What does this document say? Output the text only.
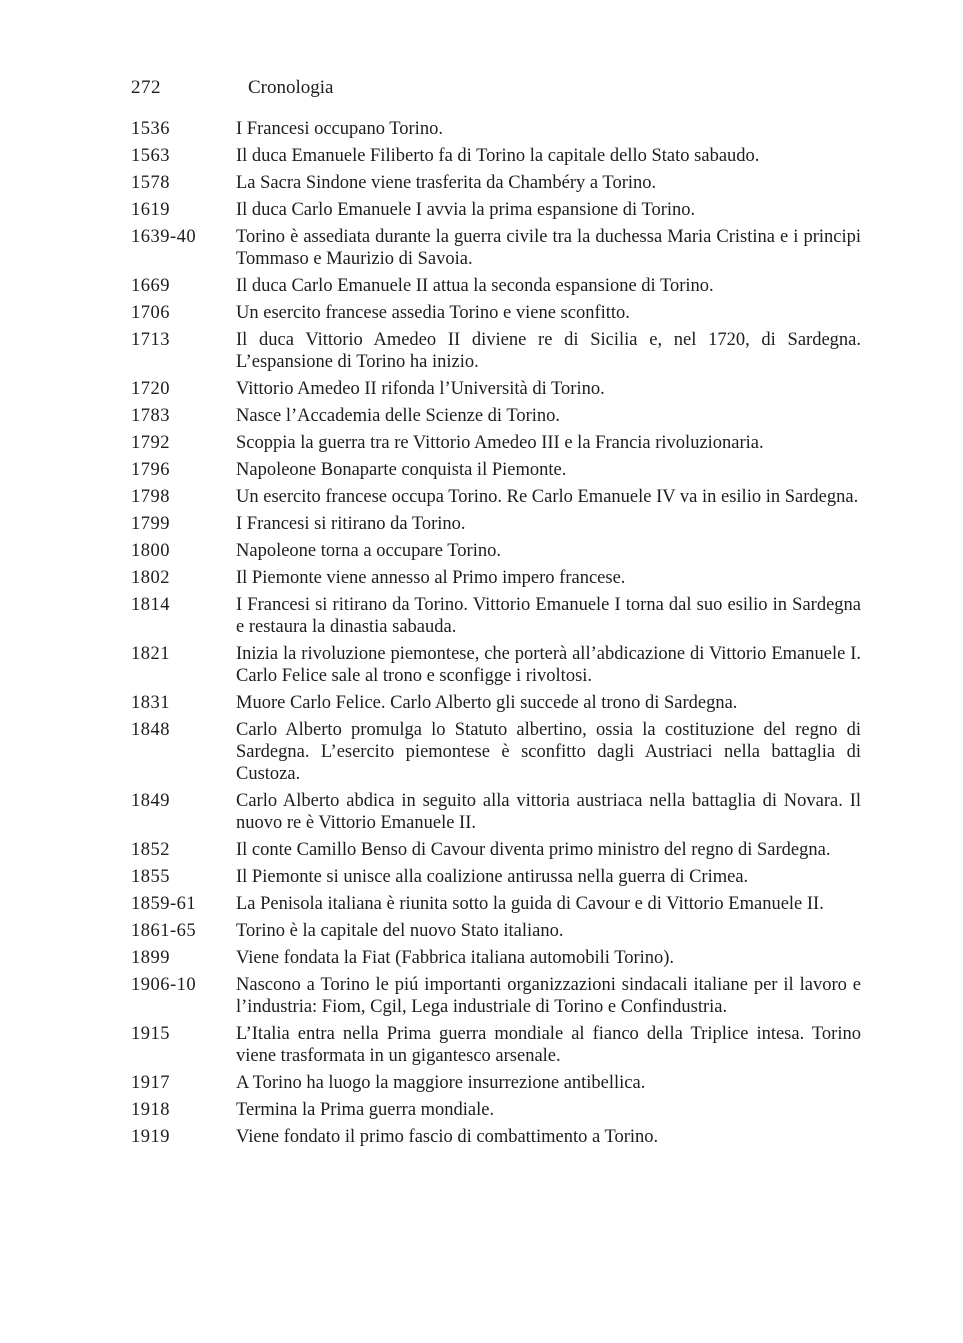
272	Cronologia
1536	I Francesi occupano Torino.
1563	Il duca Emanuele Filiberto fa di Torino la capitale dello Stato sabaudo.
1578	La Sacra Sindone viene trasferita da Chambéry a Torino.
1619	Il duca Carlo Emanuele I avvia la prima espansione di Torino.
1639-40	Torino è assediata durante la guerra civile tra la duchessa Maria Cristina e i principi Tommaso e Maurizio di Savoia.
1669	Il duca Carlo Emanuele II attua la seconda espansione di Torino.
1706	Un esercito francese assedia Torino e viene sconfitto.
1713	Il duca Vittorio Amedeo II diviene re di Sicilia e, nel 1720, di Sardegna. L’espansione di Torino ha inizio.
1720	Vittorio Amedeo II rifonda l’Università di Torino.
1783	Nasce l’Accademia delle Scienze di Torino.
1792	Scoppia la guerra tra re Vittorio Amedeo III e la Francia rivoluzionaria.
1796	Napoleone Bonaparte conquista il Piemonte.
1798	Un esercito francese occupa Torino. Re Carlo Emanuele IV va in esilio in Sardegna.
1799	I Francesi si ritirano da Torino.
1800	Napoleone torna a occupare Torino.
1802	Il Piemonte viene annesso al Primo impero francese.
1814	I Francesi si ritirano da Torino. Vittorio Emanuele I torna dal suo esilio in Sardegna e restaura la dinastia sabauda.
1821	Inizia la rivoluzione piemontese, che porterà all’abdicazione di Vittorio Emanuele I. Carlo Felice sale al trono e sconfigge i rivoltosi.
1831	Muore Carlo Felice. Carlo Alberto gli succede al trono di Sardegna.
1848	Carlo Alberto promulga lo Statuto albertino, ossia la costituzione del regno di Sardegna. L’esercito piemontese è sconfitto dagli Austriaci nella battaglia di Custoza.
1849	Carlo Alberto abdica in seguito alla vittoria austriaca nella battaglia di Novara. Il nuovo re è Vittorio Emanuele II.
1852	Il conte Camillo Benso di Cavour diventa primo ministro del regno di Sardegna.
1855	Il Piemonte si unisce alla coalizione antirussa nella guerra di Crimea.
1859-61	La Penisola italiana è riunita sotto la guida di Cavour e di Vittorio Emanuele II.
1861-65	Torino è la capitale del nuovo Stato italiano.
1899	Viene fondata la Fiat (Fabbrica italiana automobili Torino).
1906-10	Nascono a Torino le piú importanti organizzazioni sindacali italiane per il lavoro e l’industria: Fiom, Cgil, Lega industriale di Torino e Confindustria.
1915	L’Italia entra nella Prima guerra mondiale al fianco della Triplice intesa. Torino viene trasformata in un gigantesco arsenale.
1917	A Torino ha luogo la maggiore insurrezione antibellica.
1918	Termina la Prima guerra mondiale.
1919	Viene fondato il primo fascio di combattimento a Torino.
